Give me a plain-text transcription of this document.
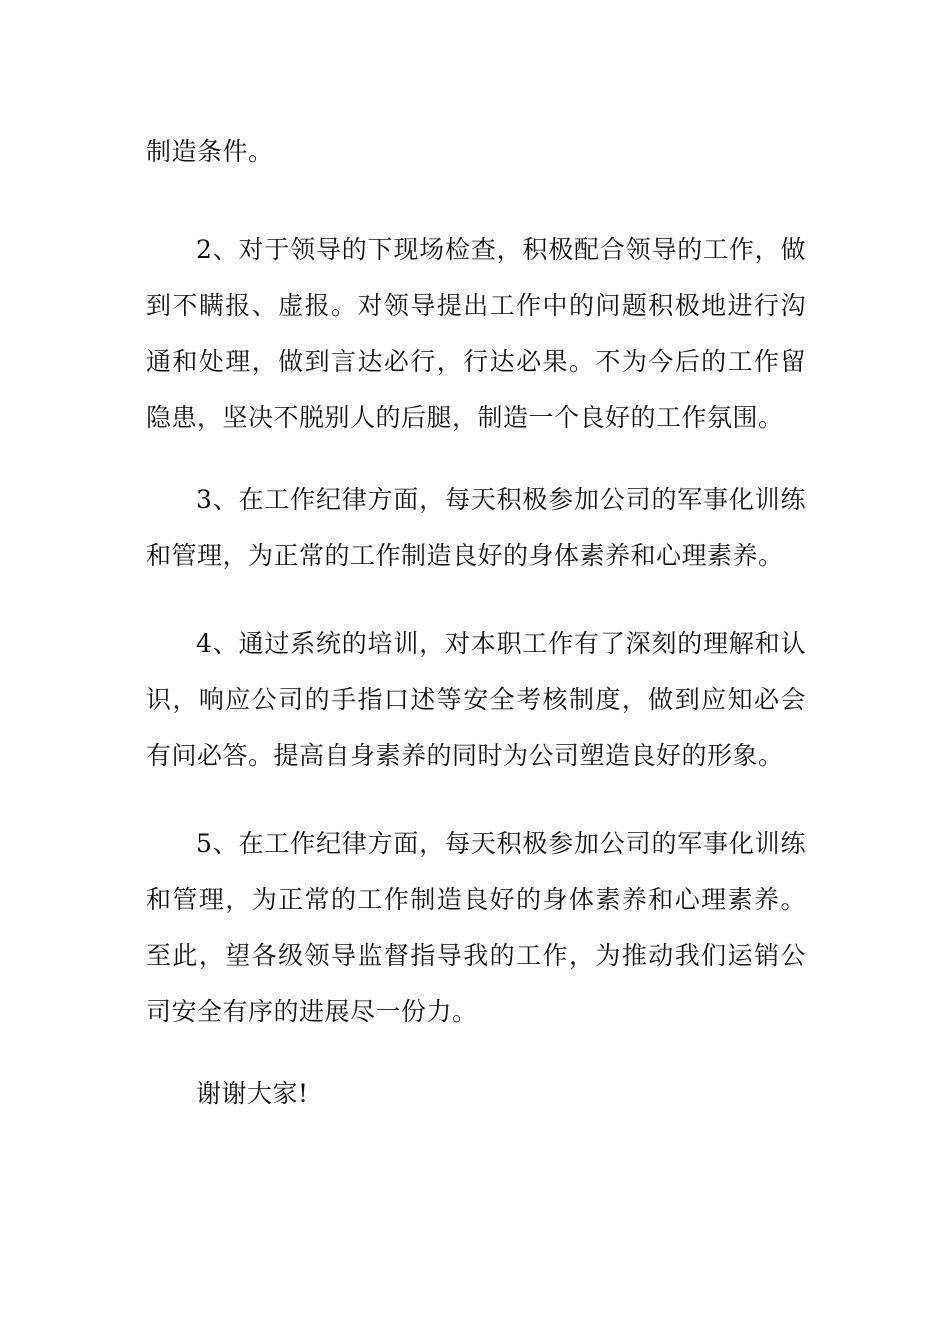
制造条件。

2、对于领导的下现场检查，积极配合领导的工作，做到不瞒报、虚报。对领导提出工作中的问题积极地进行沟通和处理，做到言达必行，行达必果。不为今后的工作留隐患，坚决不脱别人的后腿，制造一个良好的工作氛围。

3、在工作纪律方面，每天积极参加公司的军事化训练和管理，为正常的工作制造良好的身体素养和心理素养。

4、通过系统的培训，对本职工作有了深刻的理解和认识，响应公司的手指口述等安全考核制度，做到应知必会有问必答。提高自身素养的同时为公司塑造良好的形象。

5、在工作纪律方面，每天积极参加公司的军事化训练和管理，为正常的工作制造良好的身体素养和心理素养。至此，望各级领导监督指导我的工作，为推动我们运销公司安全有序的进展尽一份力。

谢谢大家!
